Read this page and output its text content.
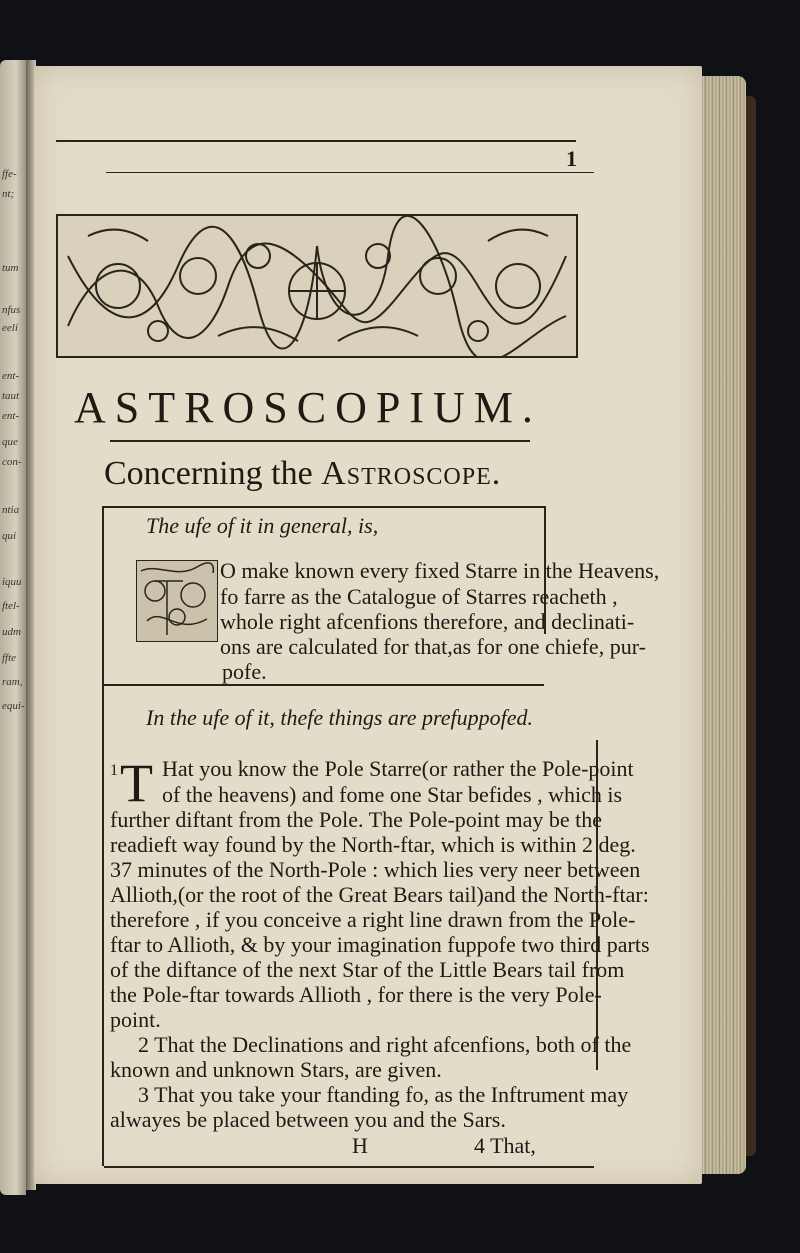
ffe-
nt;
tum
nfus
eeli
ent-
taut
ent-
que
con-
ntia
qui
iquu
ftel-
udm
ffte
ram,
equi-
1
ASTROSCOPIUM.
Concerning the Astroscope.
The ufe of it in general, is,
O make known every fixed Starre in the Heavens,
fo farre as the Catalogue of Starres reacheth ,
whole right afcenfions therefore, and declinati-
ons are calculated for that,as for one chiefe, pur-
pofe.
In the ufe of it, thefe things are prefuppofed.
1 T Hat you know the Pole Starre(or rather the Pole-point
of the heavens) and fome one Star befides , which is
further diftant from the Pole. The Pole-point may be the
readieft way found by the North-ftar, which is within 2 deg.
37 minutes of the North-Pole : which lies very neer between
Allioth,(or the root of the Great Bears tail)and the North-ftar:
therefore , if you conceive a right line drawn from the Pole-
ftar to Allioth, & by your imagination fuppofe two third parts
of the diftance of the next Star of the Little Bears tail from
the Pole-ftar towards Allioth , for there is the very Pole-
point.
2 That the Declinations and right afcenfions, both of the
known and unknown Stars, are given.
3 That you take your ftanding fo, as the Inftrument may
alwayes be placed between you and the Sars.
H	4 That,
